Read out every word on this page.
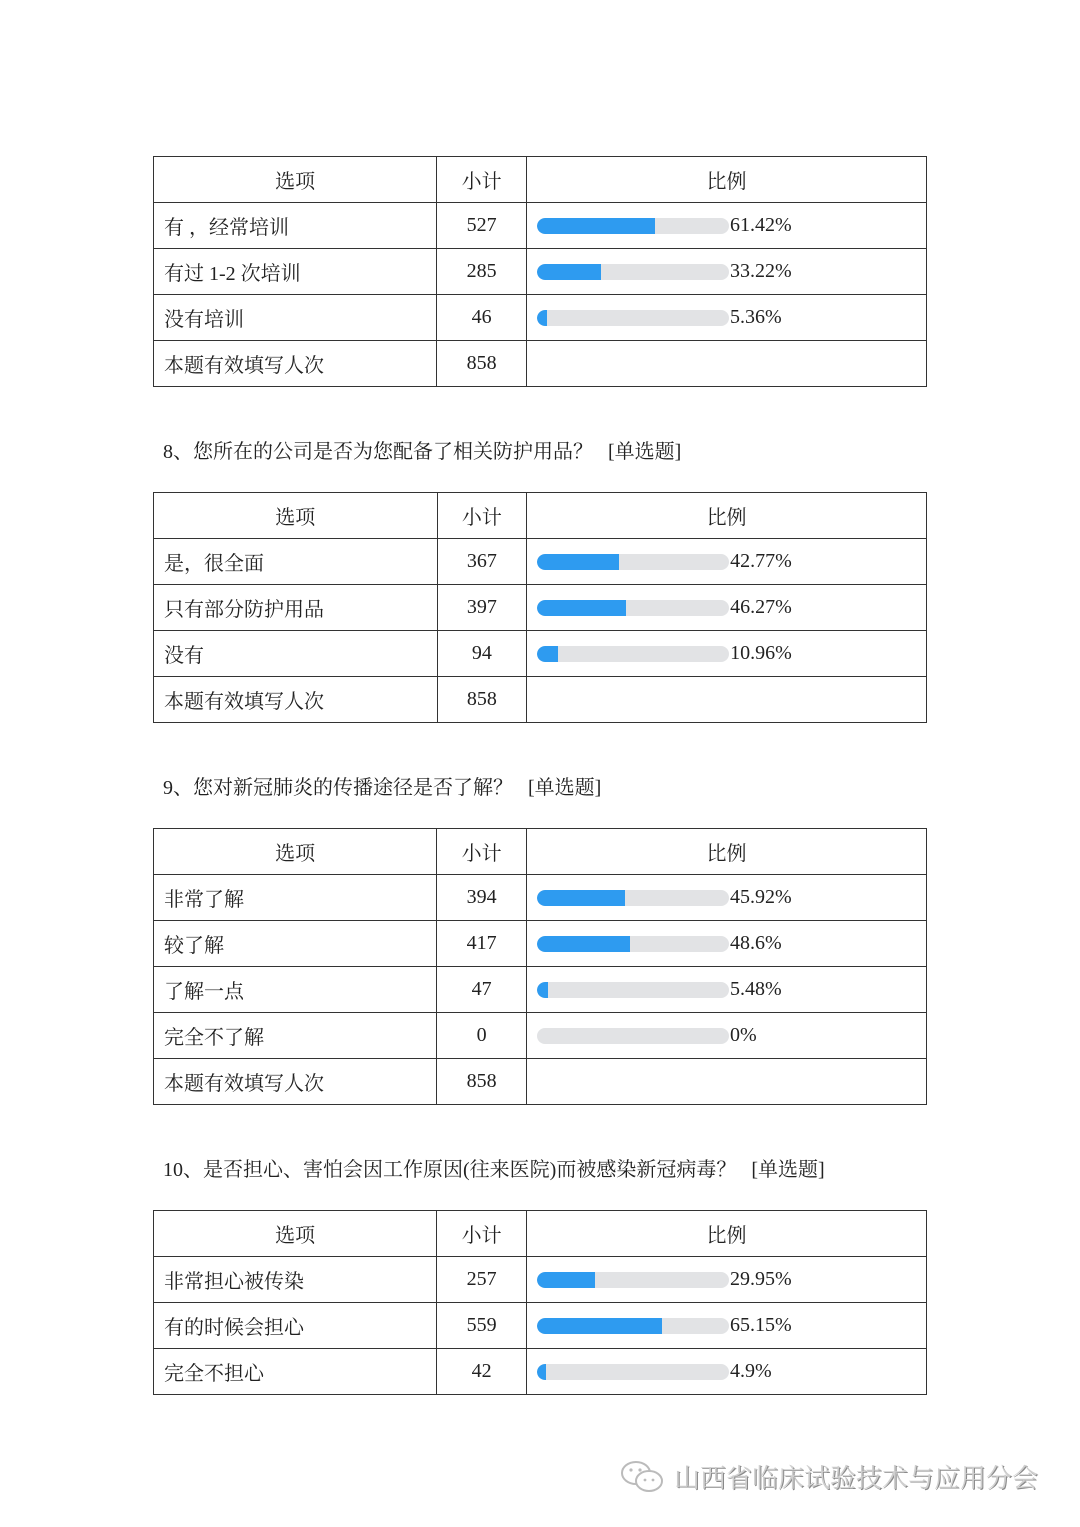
选项	小计	比例
有 ，经常培训	527	61.42%

有过 1-2 次培训	285	33.22%

没有培训	46	5.36%

本题有效填写人次	858	
8、您所在的公司是否为您配备了相关防护用品？   [单选题]
选项	小计	比例
是，很全面	367	42.77%

只有部分防护用品	397	46.27%

没有	94	10.96%

本题有效填写人次	858	
9、您对新冠肺炎的传播途径是否了解？   [单选题]
选项	小计	比例
非常了解	394	45.92%

较了解	417	48.6%

了解一点	47	5.48%

完全不了解	0	0%

本题有效填写人次	858	
10、是否担心、害怕会因工作原因(往来医院)而被感染新冠病毒？   [单选题]
选项	小计	比例
非常担心被传染	257	29.95%

有的时候会担心	559	65.15%

完全不担心	42	4.9%
山西省临床试验技术与应用分会
